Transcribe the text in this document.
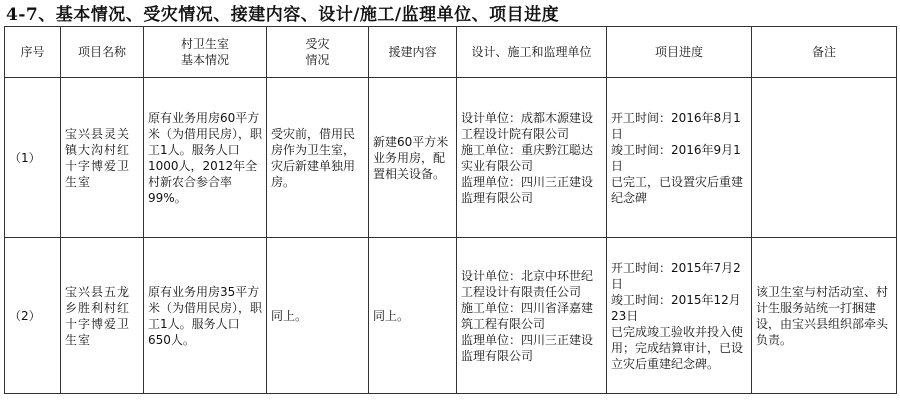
4-7、基本情况、受灾情况、接建内容、设计/施工/监理单位、项目进度
序号	项目名称	村卫生室
基本情况	受灾
情况	援建内容	设计、施工和监理单位	项目进度	备注
（1）	宝兴县灵关镇大沟村红十字博爱卫生室	原有业务用房60平方米（为借用民房），职工1人。服务人口1000人，2012年全村新农合参合率99%。	受灾前，借用民房作为卫生室，灾后新建单独用房。	新建60平方米业务用房，配置相关设备。	设计单位：成都木源建设工程设计院有限公司
施工单位：重庆黔江聪达实业有限公司
监理单位：四川三正建设监理有限公司	开工时间：2016年8月1日
竣工时间：2016年9月1日
已完工，已设置灾后重建纪念碑	
（2）	宝兴县五龙乡胜利村红十字博爱卫生室	原有业务用房35平方米（为借用民房），职工1人。服务人口650人。	同上。	同上。	设计单位：北京中环世纪工程设计有限责任公司
施工单位：四川省泽嘉建筑工程有限公司
监理单位：四川三正建设监理有限公司	开工时间：2015年7月2日
竣工时间：2015年12月23日
已完成竣工验收并投入使用；完成结算审计，已设立灾后重建纪念碑。	该卫生室与村活动室、村计生服务站统一打捆建设，由宝兴县组织部牵头负责。
